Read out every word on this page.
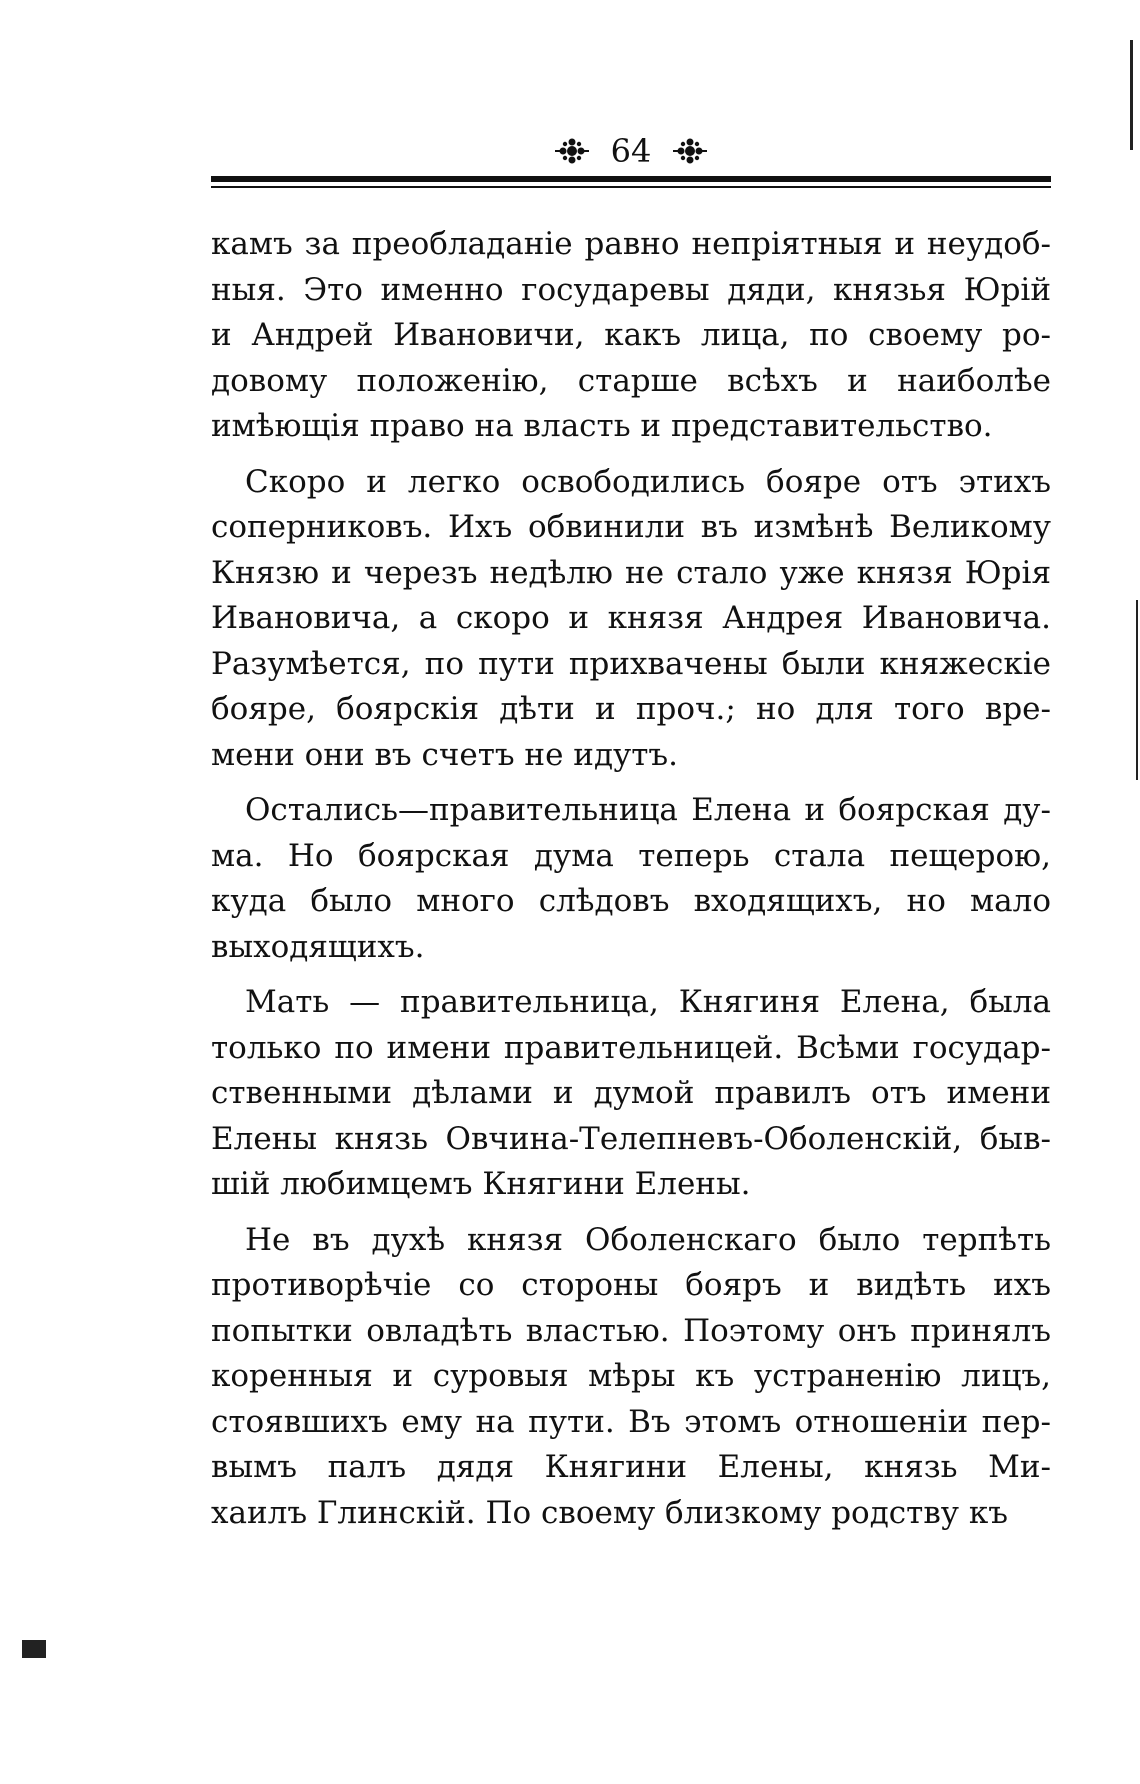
64
камъ за преобладаніе равно непріятныя и неудоб-
ныя. Это именно государевы дяди, князья Юрій
и Андрей Ивановичи, какъ лица, по своему ро-
довому положенію, старше всѣхъ и наиболѣе
имѣющія право на власть и представительство.
Скоро и легко освободились бояре отъ этихъ
соперниковъ. Ихъ обвинили въ измѣнѣ Великому
Князю и черезъ недѣлю не стало уже князя Юрія
Ивановича, а скоро и князя Андрея Ивановича.
Разумѣется, по пути прихвачены были княжескіе
бояре, боярскія дѣти и проч.; но для того вре-
мени они въ счетъ не идутъ.
Остались—правительница Елена и боярская ду-
ма. Но боярская дума теперь стала пещерою,
куда было много слѣдовъ входящихъ, но мало
выходящихъ.
Мать — правительница, Княгиня Елена, была
только по имени правительницей. Всѣми государ-
ственными дѣлами и думой правилъ отъ имени
Елены князь Овчина-Телепневъ-Оболенскій, быв-
шій любимцемъ Княгини Елены.
Не въ духѣ князя Оболенскаго было терпѣть
противорѣчіе со стороны бояръ и видѣть ихъ
попытки овладѣть властью. Поэтому онъ принялъ
коренныя и суровыя мѣры къ устраненію лицъ,
стоявшихъ ему на пути. Въ этомъ отношеніи пер-
вымъ палъ дядя Княгини Елены, князь Ми-
хаилъ Глинскій. По своему близкому родству къ
